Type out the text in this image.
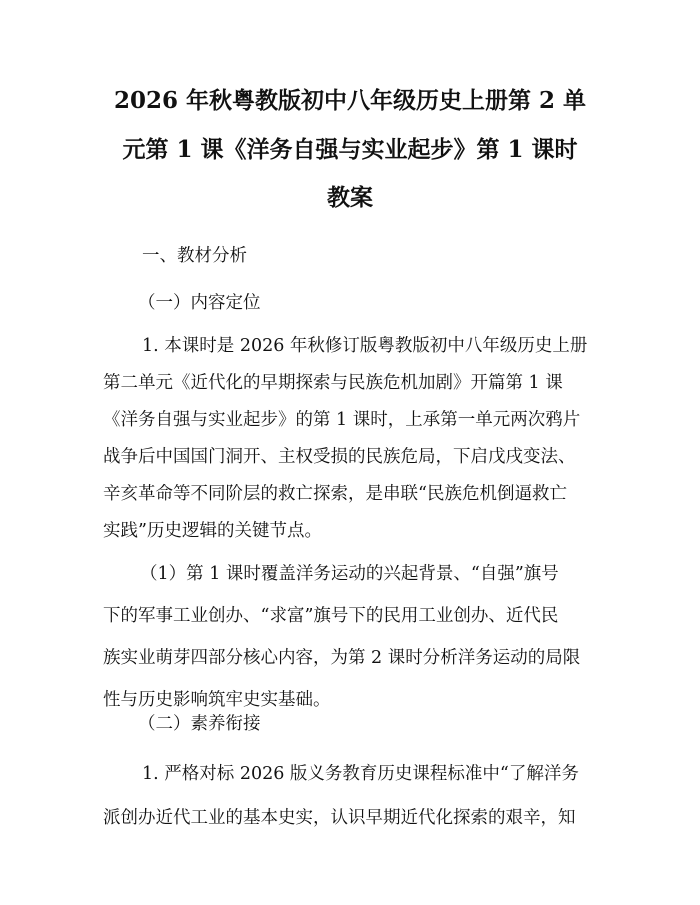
2026 年秋粤教版初中八年级历史上册第 2 单
元第 1 课《洋务自强与实业起步》第 1 课时
教案
一、教材分析
（一）内容定位
1. 本课时是 2026 年秋修订版粤教版初中八年级历史上册
第二单元《近代化的早期探索与民族危机加剧》开篇第 1 课
《洋务自强与实业起步》的第 1 课时，上承第一单元两次鸦片
战争后中国国门洞开、主权受损的民族危局，下启戊戌变法、
辛亥革命等不同阶层的救亡探索，是串联“民族危机倒逼救亡
实践”历史逻辑的关键节点。
（1）第 1 课时覆盖洋务运动的兴起背景、“自强”旗号
下的军事工业创办、“求富”旗号下的民用工业创办、近代民
族实业萌芽四部分核心内容，为第 2 课时分析洋务运动的局限
性与历史影响筑牢史实基础。
（二）素养衔接
1. 严格对标 2026 版义务教育历史课程标准中“了解洋务
派创办近代工业的基本史实，认识早期近代化探索的艰辛，知
